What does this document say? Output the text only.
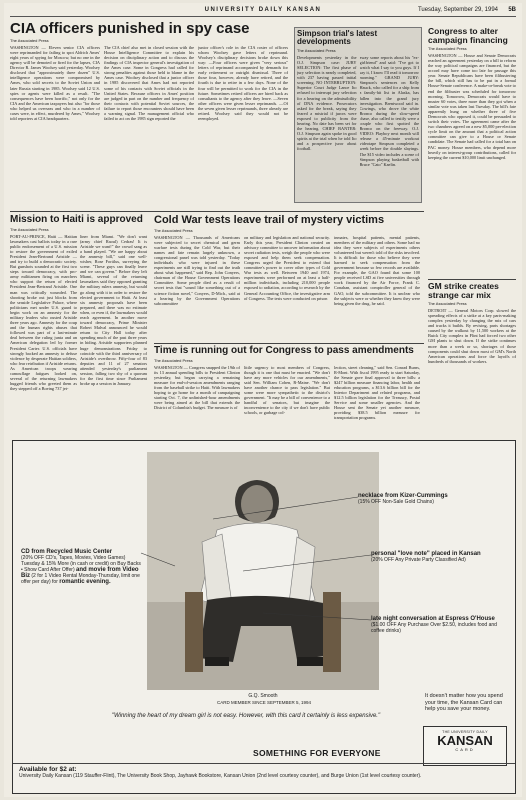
UNIVERSITY DAILY KANSAN	Tuesday, September 29, 1994 5B
CIA officers punished in spy case
The Associated Press
WASHINGTON — Eleven senior CIA officers were reprimanded for failing to spot Aldrich Ames' eight years of spying for Moscow, but no one in the agency will be demoted or fired for the lapses, CIA Director R. James Woolsey said yesterday. Woolsey disclosed that "approximately three dozen" U.S. intelligence operations were compromised by Ames, who sold secrets to the Soviet Union and later Russia starting in 1985. Woolsey said 12 U.S. spies or agents were killed as a result. "The consequences have been horrific," not only for the CIA and the American taxpayers but also "for those who helped us overseas and who in a number of cases were, in effect, murdered by Ames," Woolsey told reporters at CIA headquarters.
The CIA chief also met in closed session with the House Intelligence Committee to explain his decision on disciplinary action and to discuss the findings of CIA inspector general's investigation of the Ames case. Some in Congress had called for strong penalties against those held to blame in the Ames case. Woolsey disclosed that a junior officer in 1985 discovered that Ames had not reported some of his contacts with Soviet officials in the United States. Because officers in Ames' position are judged in part on the number and frequency of their contacts with potential Soviet sources, the failure to report those encounters should have been a warning signal. The management official who failed to act on the 1985 sign reported the
junior officer's role in the CIA roster of officers whom Woolsey gave letters of reprimand. Woolsey's disciplinary decisions broke down this way: —Four officers were given "very serious" letters of reprimand accompanied by demands for early retirement or outright dismissal. Three of those four, however, already have retired, and the fourth is due to retire in a few days. None of the four will be permitted to work for the CIA in the future. Sometimes retired officers are hired back as consultants to the agency after they leave. —Seven other officers were given lesser reprimands. —Of the seven given lesser reprimands, three already are retired. Woolsey said they would not be reemployed.
Simpson trial's latest developments
The Associated Press
Developments yesterday in the O.J. Simpson case: JURY SELECTION: The first phase of jury selection is nearly completed, with 237 having passed initial screening. NO INTERRUPTION: Superior Court Judge Lance Ito refused to interrupt jury selection for a hearing on the admissibility of DNA evidence. Prosecutors asked for the break, saying they feared a mistrial if jurors were exposed to publicity from the hearing. No date has been set for the hearing. CHIEF BANTER: O.J. Simpson again spoke in good spirits at the trial when he told Ito and a prospective juror about football.
away some reports about his "ex-girlfriend" and said: "I've got to watch what I say to you guys. If I say it, I know I'll read it tomorrow morning." GRAND JURY: Simpson's sentences on Kelly Hauck, who called for a ship from a family-hit list in Alaska, has fallen into the grand jury investigation. Brentwood said in. Cowings, who drove the white Bronco during the slow-speed chase, also called to testify were a couple who first spotted the Bronco on the freeway. O.J. VIDEO: Playboy next month will release a 45-minute workout videotape Simpson completed a week before the double slayings. The $15 video includes a scene of Simpson playing basketball with Bruce "Cato" Kaelin.
Congress to alter campaign financing
The Associated Press
WASHINGTON — House and Senate Democrats reached an agreement yesterday on a bill to reform the way political campaigns are financed, but the accord may have come too late for passage this year. Senate Republicans have been filibustering the bill, which still has to be put in a formal House-Senate conference. A make-or-break vote to end the filibuster was scheduled for tomorrow morning. Tomorrow, Democrats would have to muster 60 votes, three more than they got when a similar vote was taken last Tuesday. The bill's fate apparently hung on whether three of five Democrats who opposed it, could be persuaded to switch their votes. The agreement came after the two chambers agreed on a new $5,000 per-election cycle limit on the amount that a political action committee can give to a House or Senate candidate. The Senate had called for a total ban on PAC money. House members, who depend more heavily on interest-group contributions, called for keeping the current $10,000 limit unchanged.
Mission to Haiti is approved
The Associated Press
PORT-AU-PRINCE, Haiti — Haitian lawmakers cast ballots today in a rare public endorsement of a U.S. mission to restore the government of exiled President Jean-Bertrand Aristide — and try to build a democratic society. But gunshots sounded at the first two steps toward democracy, with pro-army militiamen firing on marchers who support the return of elected President Jean-Bertrand Aristide. One man was critically wounded. The shooting broke out just blocks from the seaside Legislative Palace, where politicians met under U.S. guard to begin work on an amnesty for the military leaders who ousted Aristide three years ago. Amnesty for the coup and the human rights abuses that followed was part of a last-minute deal between the ruling junta and an American delegation led by former President Carter. U.S. officials have strongly backed an amnesty to defuse violence by desperate Haitian soldiers, who fear retribution if Aristide returns. As American troops wearing camouflage fatigues looked on, several of the returning lawmakers hugged friends who greeted them as they stepped off a Boeing 737 jet-
liner from Miami. "We don't want (army chief Raoul) Cedras! It is Aristide we want!" the crowd sang as a band played. "We are happy about the amnesty bill," said one well-wisher, Rose Fortilus, surveying the scene. "These guys can finally leave and we can govern." Before they left Miami, several of the returning lawmakers said they opposed granting the military rulers amnesty, but would go along with it in order to restore the elected government to Haiti. At least six amnesty proposals have been prepared, and there was no estimate when, or even if, the lawmakers would reach agreement. In another move toward democracy, Prime Minister Robert Malval announced he would return to City Hall today after spending much of the past three years in hiding. Aristide supporters planned huge demonstrations Friday to coincide with the third anniversary of Aristide's overthrow. Fifty-four of 83 deputies and 11 of 27 senators attended yesterday's parliament session, falling two shy of a quorum for the first time since Parliament broke up a session in January.
Cold War tests leave trail of mystery victims
The Associated Press
WASHINGTON — Thousands of Americans were subjected to secret chemical and germ warfare tests during the Cold War, but their names and fate remain largely unknown, a congressional panel was told yesterday. "Today individuals who were injured in these experiments are still trying to find out the truth about what happened," said Rep. John Conyers, chairman of the House Government Operations Committee. Some people died as a result of secret tests that "sound like something out of a science fiction novel," Conyers, D-Mich., said at a hearing by the Government Operations subcommittee
on military and legislation and national security. Early this year, President Clinton created an advisory committee to uncover information about secret radiation tests, weigh the people who were exposed and help them seek compensation. Congress urged the President to extend that committee's power to cover other types of Cold War tests as well. Between 1940 and 1974, experiments were performed on at least a half-million individuals, including 210,000 people exposed to radiation, according to research by the General Accounting Office, the investigative arm of Congress. The tests were conducted on prison
inmates, hospital patients, mental patients, members of the military and others. Some had no idea they were subjects of experiments others volunteered but weren't told of the risks involved. It is difficult for those who believe they were harmed to seek compensation from the government because so few records are available. For example, the GAO found that some 100 people received LSD at five universities through work financed by the Air Force, Frank C. Conahan, assistant comptroller general of the GAO, told the subcommittee. It is unclear who the subjects were or whether they knew they were being given the drug, he said.
GM strike creates strange car mix
The Associated Press
DETROIT — General Motors Corp. slowed the spreading effects of a strike at a key parts-making complex yesterday by changing the mix of cars and trucks it builds. By revising, parts shortages caused by the walkout by 11,500 workers at the Buick City complex in Flint had forced two other GM plants to shut down. If the strike continues more than a week or so, shortages of those components could shut down most of GM's North American operations and force the layoffs of hundreds of thousands of workers.
Time is running out for Congress to pass amendments
The Associated Press
WASHINGTON — Congress snapped the 19th of its 13 annual spending bills to President Clinton yesterday, but began carrying a remaining measure for end-of-session amendments ranging from the baseball strike to Haiti. With lawmakers hoping to go home for a month of campaigning starting Oct. 7, the unfinished-hour amendments were being aimed at the bill that extends the District of Columbia's budget. The measure is of
little urgency to most members of Congress, though it is one that must be enacted. "We don't have any more vehicles for our amendments," said Sen. William Cohen, R-Maine. "We don't have another chance to pass legislation." But some were more sympathetic to the district's government. "It may be a bill of convenience to a handful of senators, but imagine the inconvenience to the city if we don't have public schools, or garbage col-
lection, street cleaning," said Sen. Conrad Burns, R-Mont. With fiscal 1995 ready to start Saturday, the Senate gave final approval to three bills: a $247 billion measure financing labor, health and education programs, a $13.6 billion bill for the Interior Department and related programs, and $12.5 billion legislation for the Treasury, Postal Service and some smaller agencies. And the House sent the Senate yet another measure, providing $38.5 billion measure for transportation programs.
CD from Recycled Music Center
(20% OFF CD's, Tapes, Movies, Video Games) Tuesday & 15% More (in cash or credit) on Buy Backs • Show Card After Offer) and movie from Video Biz (2 for 1 Video Rental Monday-Thursday, limit one offer per day) for romantic evening.
necklace from Kizer-Cummings
(15% OFF Non-Sale Gold Chains)
personal "love note" placed in Kansan
(20% OFF Any Private Party Classified Ad)
late night conversation at Espress O'House
($1.00 OFF Any Purchase Over $2.50, includes food and coffee drinks)
G.Q. Smooth
CARD MEMBER SINCE SEPTEMBER 5, 1994
"Winning the heart of my dream girl is not easy. However, with this card it certainly is less expensive."
It doesn't matter how you spend your time, the Kansan Card can help you save your money.
THE UNIVERSITY DAILY
KANSAN
CARD
SOMETHING FOR EVERYONE
Available for $2 at:
University Daily Kansan (119 Stauffer-Flint), The University Book Shop, Jayhawk Bookstore, Kansan Union (2nd level courtesy counter), and Burge Union (1st level courtesy counter).
